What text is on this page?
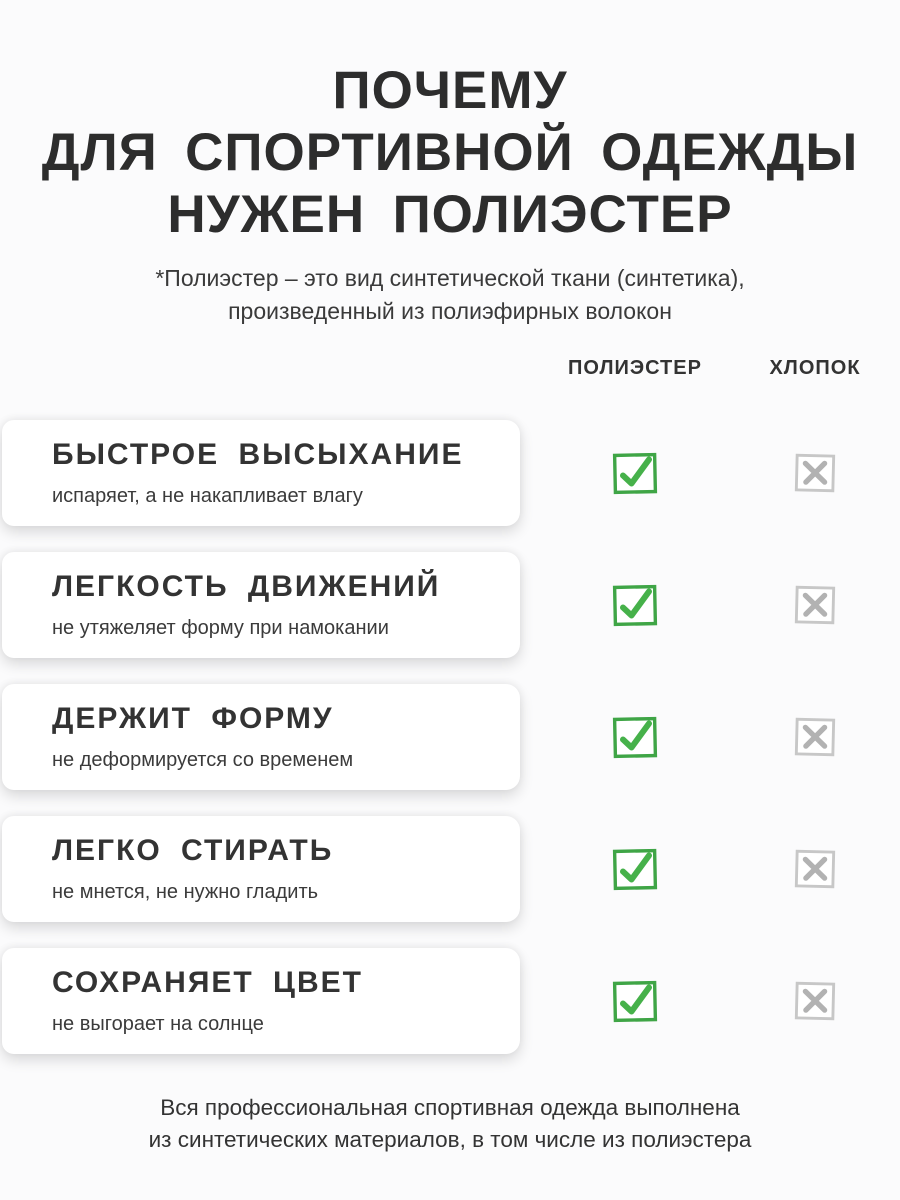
ПОЧЕМУ
ДЛЯ СПОРТИВНОЙ ОДЕЖДЫ
НУЖЕН ПОЛИЭСТЕР

*Полиэстер – это вид синтетической ткани (синтетика),
произведенный из полиэфирных волокон

ПОЛИЭСТЕР	ХЛОПОК
БЫСТРОЕ ВЫСЫХАНИЕ

испаряет, а не накапливает влагу

ЛЕГКОСТЬ ДВИЖЕНИЙ

не утяжеляет форму при намокании

ДЕРЖИТ ФОРМУ

не деформируется со временем

ЛЕГКО СТИРАТЬ

не мнется, не нужно гладить

СОХРАНЯЕТ ЦВЕТ

не выгорает на солнце

Вся профессиональная спортивная одежда выполнена
из синтетических материалов, в том числе из полиэстера
